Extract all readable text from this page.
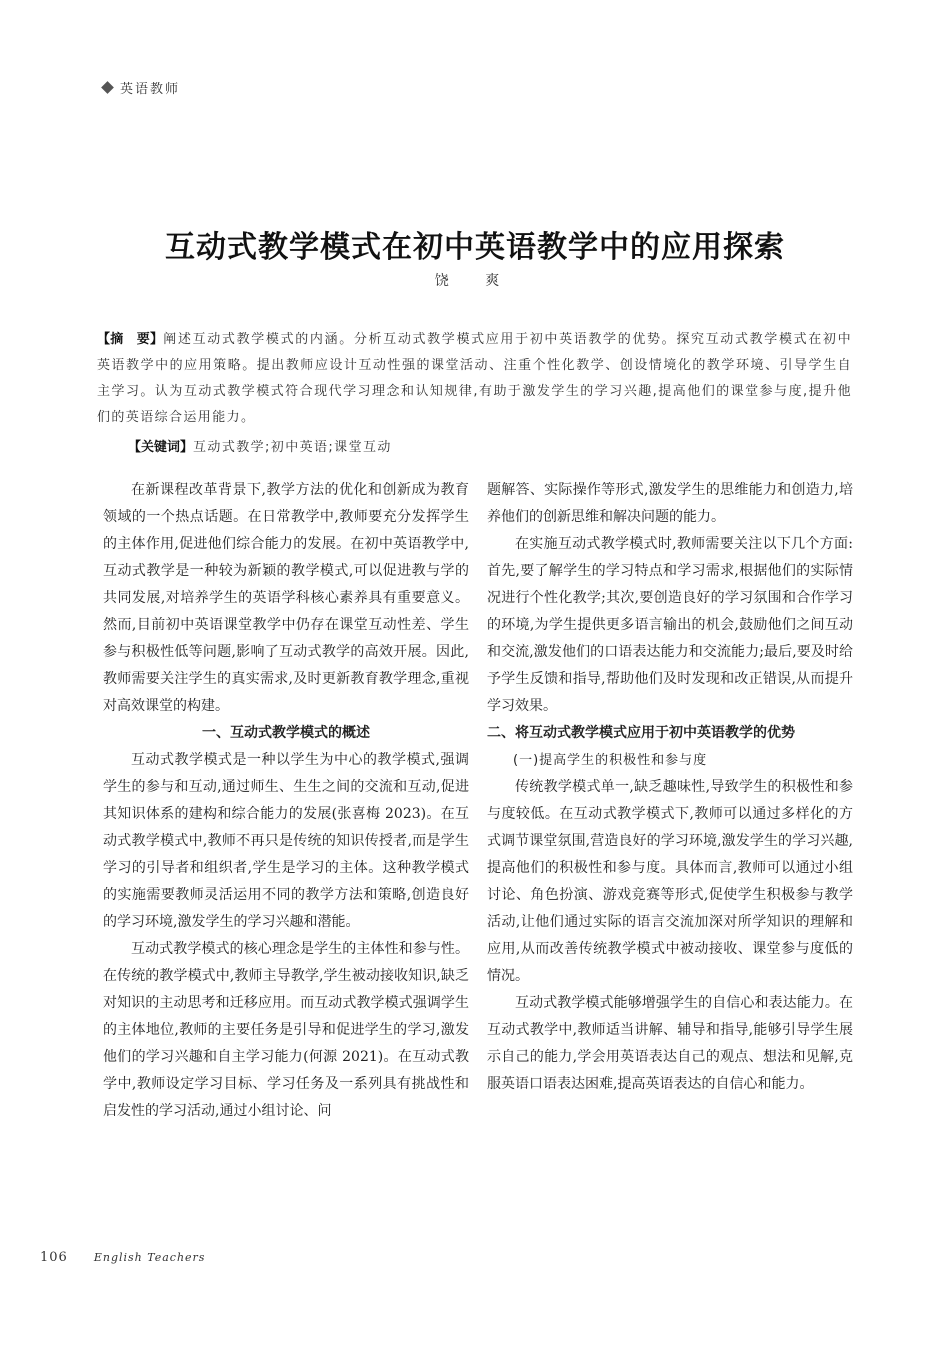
英语教师
互动式教学模式在初中英语教学中的应用探索
饶 爽

【摘　要】阐述互动式教学模式的内涵。分析互动式教学模式应用于初中英语教学的优势。探究互动式教学模式在初中英语教学中的应用策略。提出教师应设计互动性强的课堂活动、注重个性化教学、创设情境化的教学环境、引导学生自主学习。认为互动式教学模式符合现代学习理念和认知规律,有助于激发学生的学习兴趣,提高他们的课堂参与度,提升他们的英语综合运用能力。

【关键词】互动式教学;初中英语;课堂互动

在新课程改革背景下,教学方法的优化和创新成为教育领域的一个热点话题。在日常教学中,教师要充分发挥学生的主体作用,促进他们综合能力的发展。在初中英语教学中,互动式教学是一种较为新颖的教学模式,可以促进教与学的共同发展,对培养学生的英语学科核心素养具有重要意义。然而,目前初中英语课堂教学中仍存在课堂互动性差、学生参与积极性低等问题,影响了互动式教学的高效开展。因此,教师需要关注学生的真实需求,及时更新教育教学理念,重视对高效课堂的构建。

一、互动式教学模式的概述

互动式教学模式是一种以学生为中心的教学模式,强调学生的参与和互动,通过师生、生生之间的交流和互动,促进其知识体系的建构和综合能力的发展(张喜梅 2023)。在互动式教学模式中,教师不再只是传统的知识传授者,而是学生学习的引导者和组织者,学生是学习的主体。这种教学模式的实施需要教师灵活运用不同的教学方法和策略,创造良好的学习环境,激发学生的学习兴趣和潜能。

互动式教学模式的核心理念是学生的主体性和参与性。在传统的教学模式中,教师主导教学,学生被动接收知识,缺乏对知识的主动思考和迁移应用。而互动式教学模式强调学生的主体地位,教师的主要任务是引导和促进学生的学习,激发他们的学习兴趣和自主学习能力(何源 2021)。在互动式教学中,教师设定学习目标、学习任务及一系列具有挑战性和启发性的学习活动,通过小组讨论、问

题解答、实际操作等形式,激发学生的思维能力和创造力,培养他们的创新思维和解决问题的能力。

在实施互动式教学模式时,教师需要关注以下几个方面:首先,要了解学生的学习特点和学习需求,根据他们的实际情况进行个性化教学;其次,要创造良好的学习氛围和合作学习的环境,为学生提供更多语言输出的机会,鼓励他们之间互动和交流,激发他们的口语表达能力和交流能力;最后,要及时给予学生反馈和指导,帮助他们及时发现和改正错误,从而提升学习效果。

二、将互动式教学模式应用于初中英语教学的优势
(一)提高学生的积极性和参与度

传统教学模式单一,缺乏趣味性,导致学生的积极性和参与度较低。在互动式教学模式下,教师可以通过多样化的方式调节课堂氛围,营造良好的学习环境,激发学生的学习兴趣,提高他们的积极性和参与度。具体而言,教师可以通过小组讨论、角色扮演、游戏竞赛等形式,促使学生积极参与教学活动,让他们通过实际的语言交流加深对所学知识的理解和应用,从而改善传统教学模式中被动接收、课堂参与度低的情况。

互动式教学模式能够增强学生的自信心和表达能力。在互动式教学中,教师适当讲解、辅导和指导,能够引导学生展示自己的能力,学会用英语表达自己的观点、想法和见解,克服英语口语表达困难,提高英语表达的自信心和能力。

106 English Teachers
